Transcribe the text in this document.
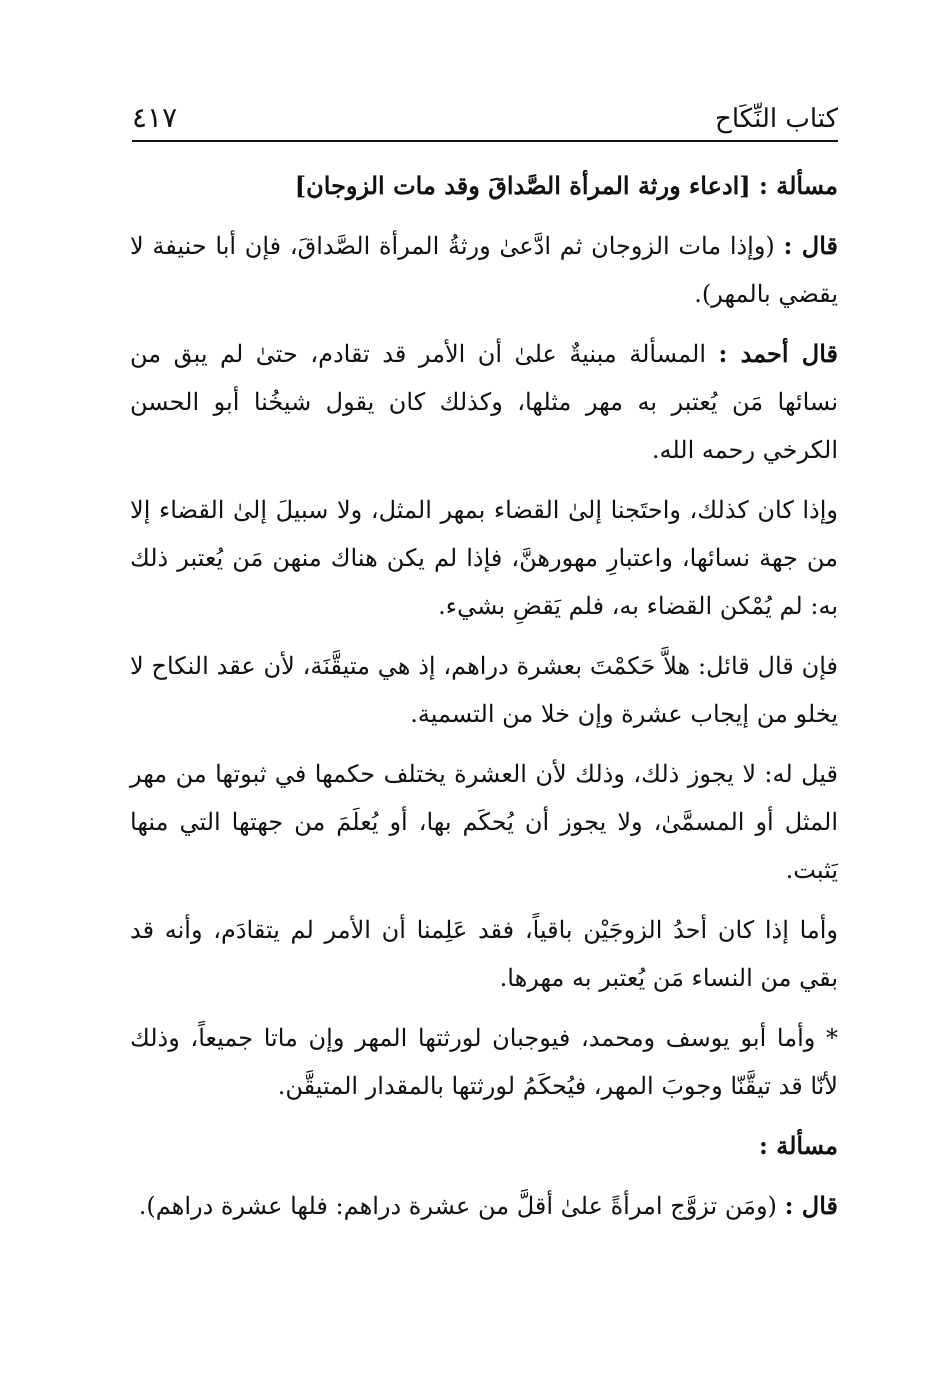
كتاب النِّكَاح
٤١٧

مسألة : [ادعاء ورثة المرأة الصَّداقَ وقد مات الزوجان]

قال : (وإذا مات الزوجان ثم ادَّعىٰ ورثةُ المرأة الصَّداقَ، فإن أبا حنيفة لا يقضي بالمهر).

قال أحمد : المسألة مبنيةٌ علىٰ أن الأمر قد تقادم، حتىٰ لم يبق من نسائها مَن يُعتبر به مهر مثلها، وكذلك كان يقول شيخُنا أبو الحسن الكرخي رحمه الله.

وإذا كان كذلك، واحتَجنا إلىٰ القضاء بمهر المثل، ولا سبيلَ إلىٰ القضاء إلا من جهة نسائها، واعتبارِ مهورهنَّ، فإذا لم يكن هناك منهن مَن يُعتبر ذلك به: لم يُمْكن القضاء به، فلم يَقضِ بشيء.

فإن قال قائل: هلاَّ حَكمْتَ بعشرة دراهم، إذ هي متيقَّنَة، لأن عقد النكاح لا يخلو من إيجاب عشرة وإن خلا من التسمية.

قيل له: لا يجوز ذلك، وذلك لأن العشرة يختلف حكمها في ثبوتها من مهر المثل أو المسمَّىٰ، ولا يجوز أن يُحكَم بها، أو يُعلَمَ من جهتها التي منها يَثبت.

وأما إذا كان أحدُ الزوجَيْن باقياً، فقد عَلِمنا أن الأمر لم يتقادَم، وأنه قد بقي من النساء مَن يُعتبر به مهرها.

* وأما أبو يوسف ومحمد، فيوجبان لورثتها المهر وإن ماتا جميعاً، وذلك لأنّا قد تيقَّنّا وجوبَ المهر، فيُحكَمُ لورثتها بالمقدار المتيقَّن.

مسألة :

قال : (ومَن تزوَّج امرأةً علىٰ أقلَّ من عشرة دراهم: فلها عشرة دراهم).
